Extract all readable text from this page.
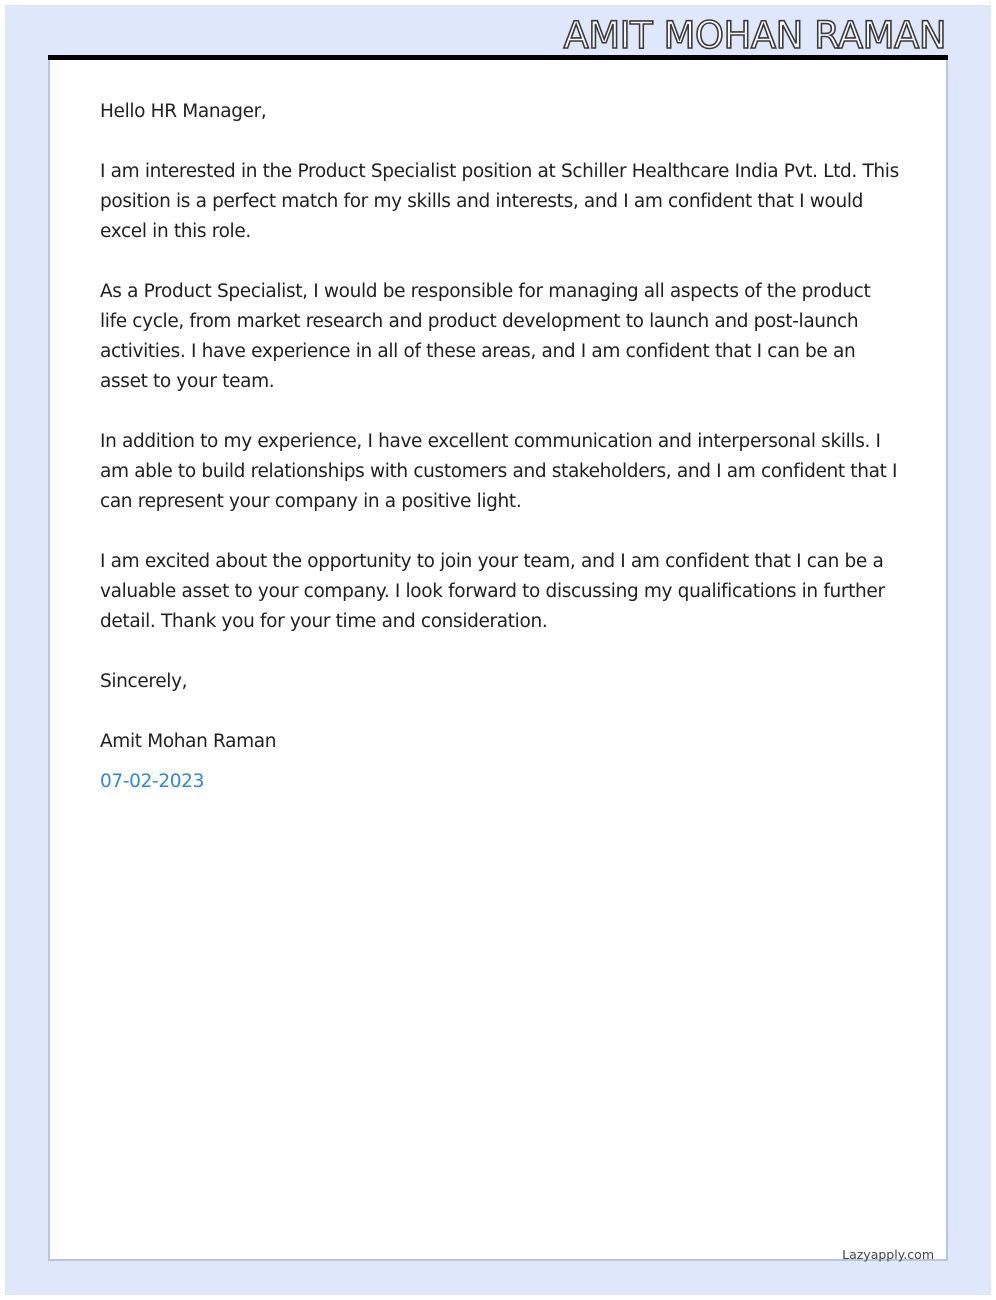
AMIT MOHAN RAMAN

Hello HR Manager,

I am interested in the Product Specialist position at Schiller Healthcare India Pvt. Ltd. This position is a perfect match for my skills and interests, and I am confident that I would excel in this role.

As a Product Specialist, I would be responsible for managing all aspects of the product life cycle, from market research and product development to launch and post-launch activities. I have experience in all of these areas, and I am confident that I can be an asset to your team.

In addition to my experience, I have excellent communication and interpersonal skills. I am able to build relationships with customers and stakeholders, and I am confident that I can represent your company in a positive light.

I am excited about the opportunity to join your team, and I am confident that I can be a valuable asset to your company. I look forward to discussing my qualifications in further detail. Thank you for your time and consideration.

Sincerely,

Amit Mohan Raman

07-02-2023

Lazyapply.com
